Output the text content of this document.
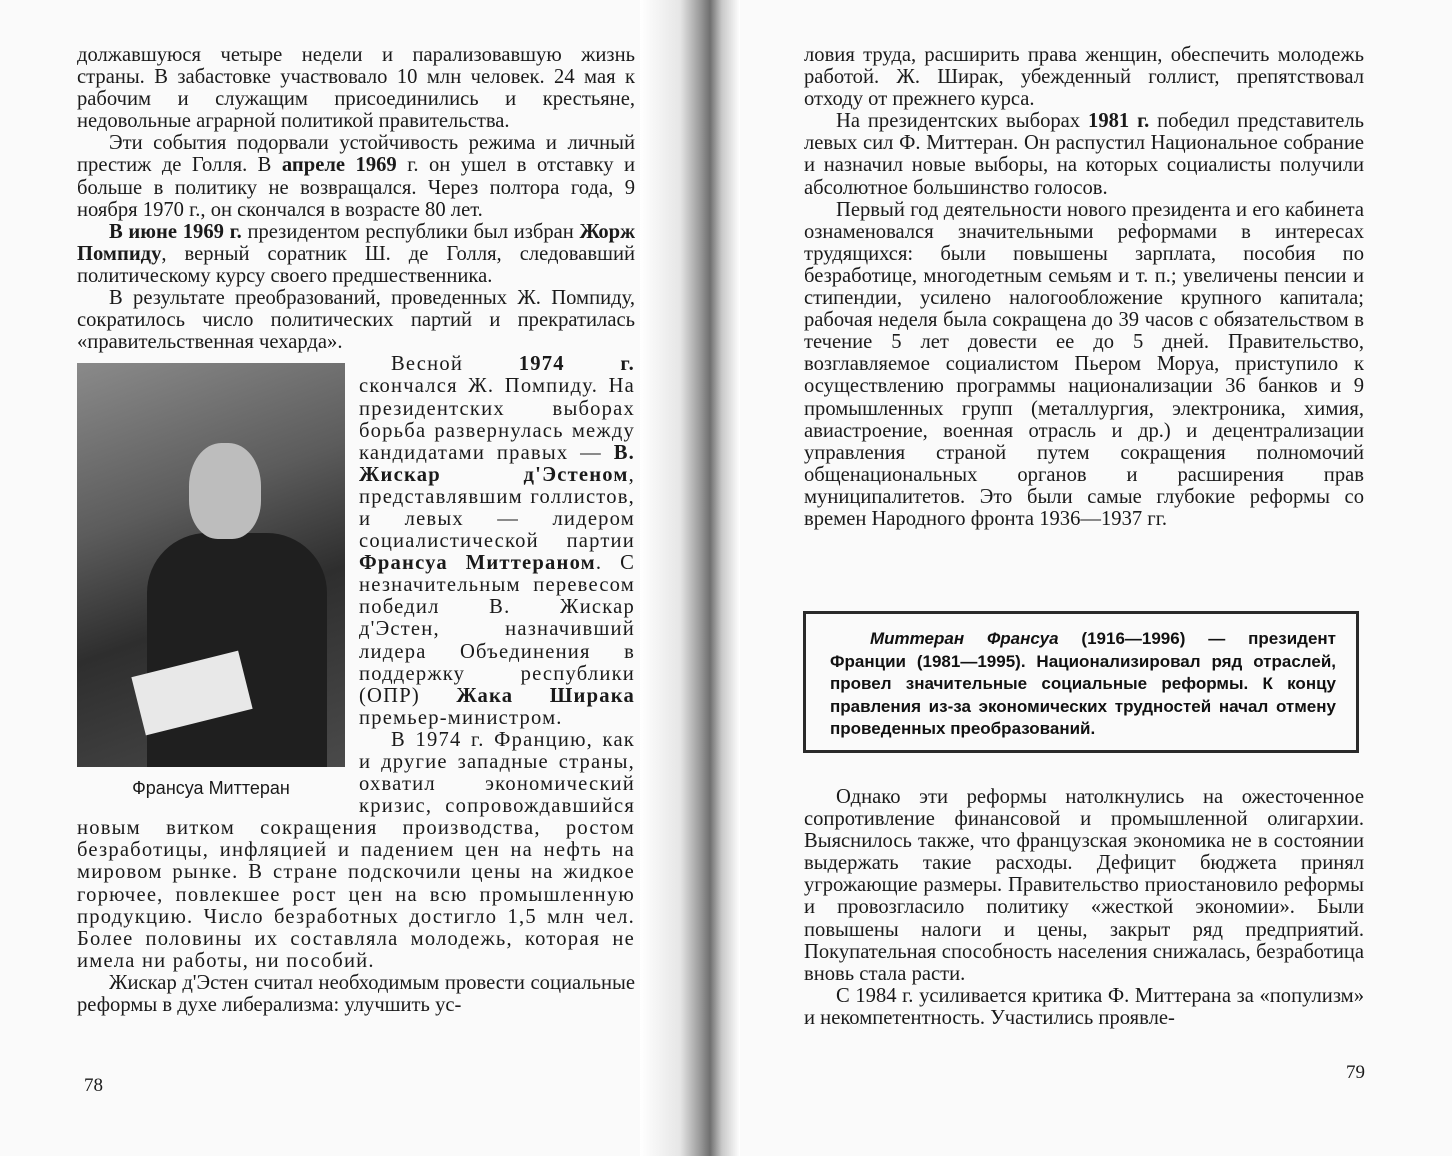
должавшуюся четыре недели и парализовавшую жизнь страны. В забастовке участвовало 10 млн человек. 24 мая к рабочим и служащим присоединились и крестьяне, недовольные аграрной политикой правительства.

Эти события подорвали устойчивость режима и личный престиж де Голля. В апреле 1969 г. он ушел в отставку и больше в политику не возвращался. Через полтора года, 9 ноября 1970 г., он скончался в возрасте 80 лет.

В июне 1969 г. президентом республики был избран Жорж Помпиду, верный соратник Ш. де Голля, следовавший политическому курсу своего предшественника.

В результате преобразований, проведенных Ж. Помпиду, сократилось число политических партий и прекратилась «правительственная чехарда».

Франсуа Миттеран

Весной 1974 г. скончался Ж. Помпиду. На президентских выборах борьба развернулась между кандидатами правых — В. Жискар д'Эстеном, представлявшим голлистов, и левых — лидером социалистической партии Франсуа Миттераном. С незначительным перевесом победил В. Жискар д'Эстен, назначивший лидера Объединения в поддержку республики (ОПР) Жака Ширака премьер-министром.

В 1974 г. Францию, как и другие западные страны, охватил экономический кризис, сопровождавшийся новым витком сокращения производства, ростом безработицы, инфляцией и падением цен на нефть на мировом рынке. В стране подскочили цены на жидкое горючее, повлекшее рост цен на всю промышленную продукцию. Число безработных достигло 1,5 млн чел. Более половины их составляла молодежь, которая не имела ни работы, ни пособий.

Жискар д'Эстен считал необходимым провести социальные реформы в духе либерализма: улучшить ус-

78

ловия труда, расширить права женщин, обеспечить молодежь работой. Ж. Ширак, убежденный голлист, препятствовал отходу от прежнего курса.

На президентских выборах 1981 г. победил представитель левых сил Ф. Миттеран. Он распустил Национальное собрание и назначил новые выборы, на которых социалисты получили абсолютное большинство голосов.

Первый год деятельности нового президента и его кабинета ознаменовался значительными реформами в интересах трудящихся: были повышены зарплата, пособия по безработице, многодетным семьям и т. п.; увеличены пенсии и стипендии, усилено налогообложение крупного капитала; рабочая неделя была сокращена до 39 часов с обязательством в течение 5 лет довести ее до 5 дней. Правительство, возглавляемое социалистом Пьером Моруа, приступило к осуществлению программы национализации 36 банков и 9 промышленных групп (металлургия, электроника, химия, авиастроение, военная отрасль и др.) и децентрализации управления страной путем сокращения полномочий общенациональных органов и расширения прав муниципалитетов. Это были самые глубокие реформы со времен Народного фронта 1936—1937 гг.

Миттеран Франсуа (1916—1996) — президент Франции (1981—1995). Национализировал ряд отраслей, провел значительные социальные реформы. К концу правления из-за экономических трудностей начал отмену проведенных преобразований.

Однако эти реформы натолкнулись на ожесточенное сопротивление финансовой и промышленной олигархии. Выяснилось также, что французская экономика не в состоянии выдержать такие расходы. Дефицит бюджета принял угрожающие размеры. Правительство приостановило реформы и провозгласило политику «жесткой экономии». Были повышены налоги и цены, закрыт ряд предприятий. Покупательная способность населения снижалась, безработица вновь стала расти.

С 1984 г. усиливается критика Ф. Миттерана за «популизм» и некомпетентность. Участились проявле-

79
